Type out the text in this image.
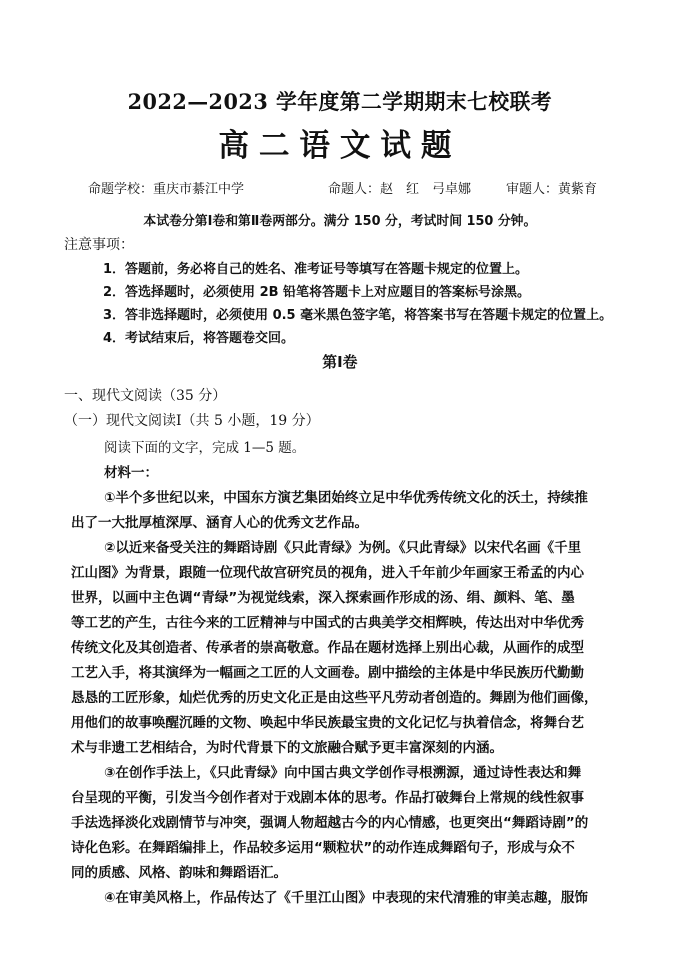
2022—2023 学年度第二学期期末七校联考
高二语文试题
命题学校：重庆市綦江中学	命题人：赵　红　弓卓娜	审题人：黄紫育
本试卷分第Ⅰ卷和第Ⅱ卷两部分。满分 150 分，考试时间 150 分钟。
注意事项：
1．答题前，务必将自己的姓名、准考证号等填写在答题卡规定的位置上。
2．答选择题时，必须使用 2B 铅笔将答题卡上对应题目的答案标号涂黑。
3．答非选择题时，必须使用 0.5 毫米黑色签字笔，将答案书写在答题卡规定的位置上。
4．考试结束后，将答题卷交回。
第Ⅰ卷
一、现代文阅读（35 分）
（一）现代文阅读Ⅰ（共 5 小题，19 分）
阅读下面的文字，完成 1—5 题。
材料一：
①半个多世纪以来，中国东方演艺集团始终立足中华优秀传统文化的沃土，持续推
出了一大批厚植深厚、涵育人心的优秀文艺作品。
②以近来备受关注的舞蹈诗剧《只此青绿》为例。《只此青绿》以宋代名画《千里
江山图》为背景，跟随一位现代故宫研究员的视角，进入千年前少年画家王希孟的内心
世界，以画中主色调“青绿”为视觉线索，深入探索画作形成的汤、绢、颜料、笔、墨
等工艺的产生，古往今来的工匠精神与中国式的古典美学交相辉映，传达出对中华优秀
传统文化及其创造者、传承者的崇高敬意。作品在题材选择上别出心裁，从画作的成型
工艺入手，将其演绎为一幅画之工匠的人文画卷。剧中描绘的主体是中华民族历代勤勤
恳恳的工匠形象，灿烂优秀的历史文化正是由这些平凡劳动者创造的。舞剧为他们画像，
用他们的故事唤醒沉睡的文物、唤起中华民族最宝贵的文化记忆与执着信念，将舞台艺
术与非遗工艺相结合，为时代背景下的文旅融合赋予更丰富深刻的内涵。
③在创作手法上，《只此青绿》向中国古典文学创作寻根溯源，通过诗性表达和舞
台呈现的平衡，引发当今创作者对于戏剧本体的思考。作品打破舞台上常规的线性叙事
手法选择淡化戏剧情节与冲突，强调人物超越古今的内心情感，也更突出“舞蹈诗剧”的
诗化色彩。在舞蹈编排上，作品较多运用“颗粒状”的动作连成舞蹈句子，形成与众不
同的质感、风格、韵味和舞蹈语汇。
④在审美风格上，作品传达了《千里江山图》中表现的宋代清雅的审美志趣，服饰
